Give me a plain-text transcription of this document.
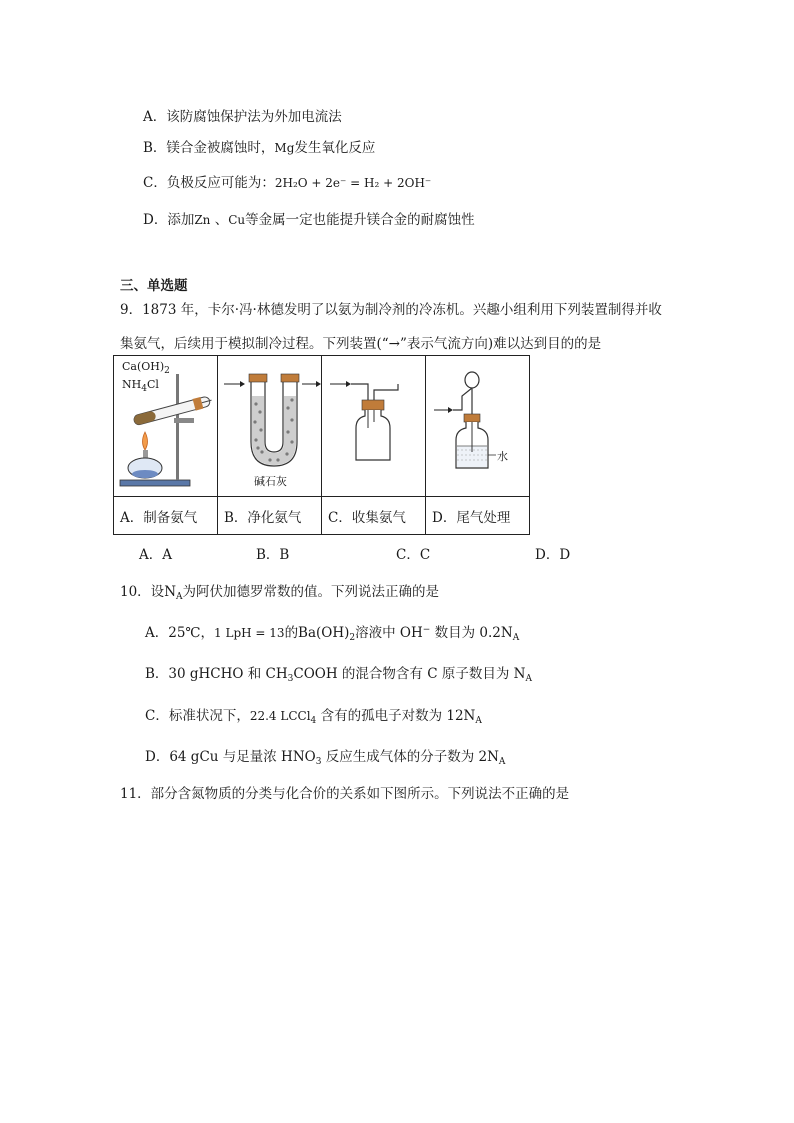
A．该防腐蚀保护法为外加电流法
B．镁合金被腐蚀时，Mg发生氧化反应
C．负极反应可能为：2H₂O + 2e⁻ = H₂ + 2OH⁻
D．添加Zn 、Cu等金属一定也能提升镁合金的耐腐蚀性
三、单选题
9．1873 年，卡尔·冯·林德发明了以氨为制冷剂的冷冻机。兴趣小组利用下列装置制得并收
集氨气，后续用于模拟制冷过程。下列装置(“→”表示气流方向)难以达到目的的是
$Ca(OH)_2$
$NH_4Cl$	碱石灰		水

A．制备氨气	B．净化氨气	C．收集氨气	D．尾气处理
A．A	B．B	C．C	D．D
10．设$N_A$为阿伏加德罗常数的值。下列说法正确的是
A．25℃，1 LpH = 13的$Ba(OH)_2$溶液中 OH− 数目为 $0.2N_A$
B．30 gHCHO 和 $CH_3COOH$ 的混合物含有 C 原子数目为 $N_A$
C．标准状况下，22.4 LCCl$_4$ 含有的孤电子对数为 $12N_A$
D．64 gCu 与足量浓 $HNO_3$ 反应生成气体的分子数为 $2N_A$
11．部分含氮物质的分类与化合价的关系如下图所示。下列说法不正确的是
